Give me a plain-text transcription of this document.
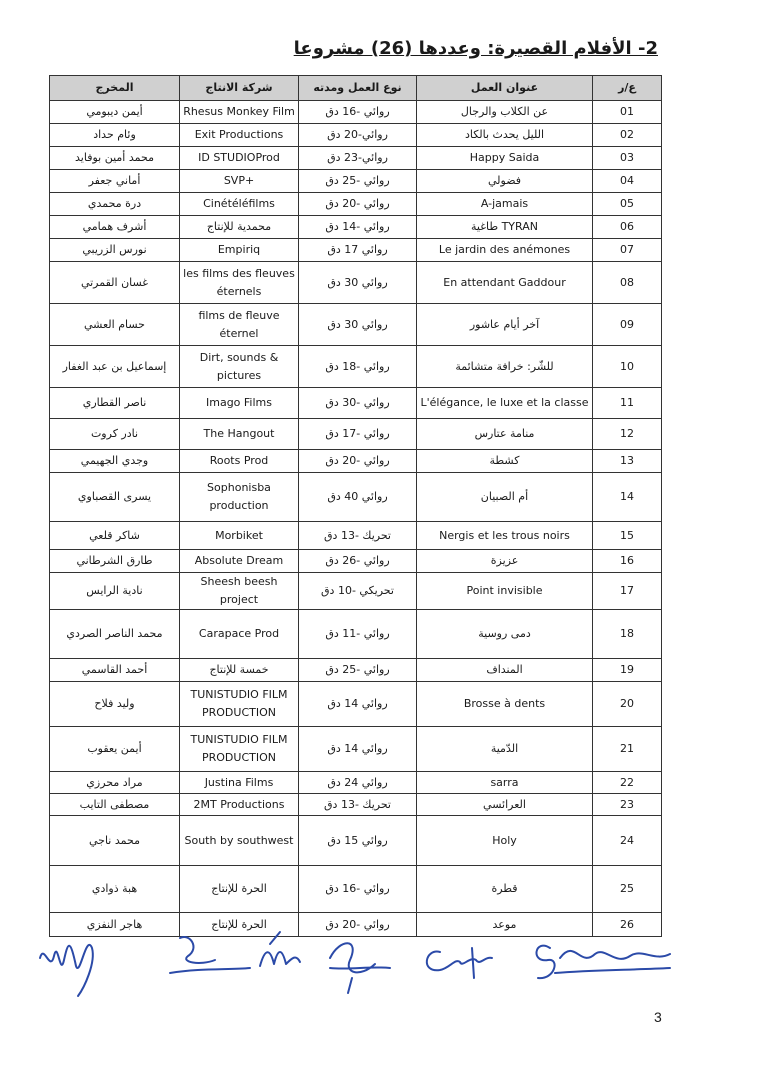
2- الأفلام القصيرة: وعددها (26) مشروعا
ع/ر	عنوان العمل	نوع العمل ومدته	شركة الانتاج	المخرج
01	عن الكلاب والرجال	روائي -16 دق	Rhesus Monkey Film	أيمن ديبومي
02	الليل يحدث بالكاد	روائي-20 دق	Exit Productions	وئام حداد
03	Happy Saida	روائي-23 دق	ID STUDIOProd	محمد أمين بوفايد
04	فضولي	روائي -25 دق	SVP+	أماني جعفر
05	A-jamais	روائي -20 دق	Cinétéléfilms	درة محمدي
06	طاغية TYRAN	روائي -14 دق	محمدية للإنتاج	أشرف همامي
07	Le jardin des anémones	روائي 17 دق	Empiriq	نورس الزريبي
08	En attendant Gaddour	روائي 30 دق	les films des fleuves éternels	غسان القمرتي
09	آخر أيام عاشور	روائي 30 دق	films de fleuve éternel	حسام العشي
10	للشّر: خرافة متشائمة	روائي -18 دق	Dirt, sounds & pictures	إسماعيل بن عبد الغفار
11	L'élégance, le luxe et la classe	روائي -30 دق	Imago Films	ناصر القطاري
12	منامة عتارس	روائي -17 دق	The Hangout	نادر كروت
13	كشطة	روائي -20 دق	Roots Prod	وجدي الجهيمي
14	أم الصبيان	روائي 40 دق	Sophonisba production	يسرى القصباوي
15	Nergis et les trous noirs	تحريك -13 دق	Morbiket	شاكر قلعي
16	عزيزة	روائي -26 دق	Absolute Dream	طارق الشرطاني
17	Point invisible	تحريكي -10 دق	Sheesh beesh project	نادية الرايس
18	دمى روسية	روائي -11 دق	Carapace Prod	محمد الناصر الصردي
19	المنداف	روائي -25 دق	خمسة للإنتاج	أحمد القاسمي
20	Brosse à dents	روائي 14 دق	TUNISTUDIO FILM PRODUCTION	وليد فلاح
21	الدّمية	روائي 14 دق	TUNISTUDIO FILM PRODUCTION	أيمن يعقوب
22	sarra	روائي 24 دق	Justina Films	مراد محرزي
23	العرائسي	تحريك -13 دق	2MT Productions	مصطفى التايب
24	Holy	روائي 15 دق	South by southwest	محمد ناجي
25	قطرة	روائي -16 دق	الحرة للإنتاج	هبة ذوادي
26	موعد	روائي -20 دق	الحرة للإنتاج	هاجر النفزي
3
